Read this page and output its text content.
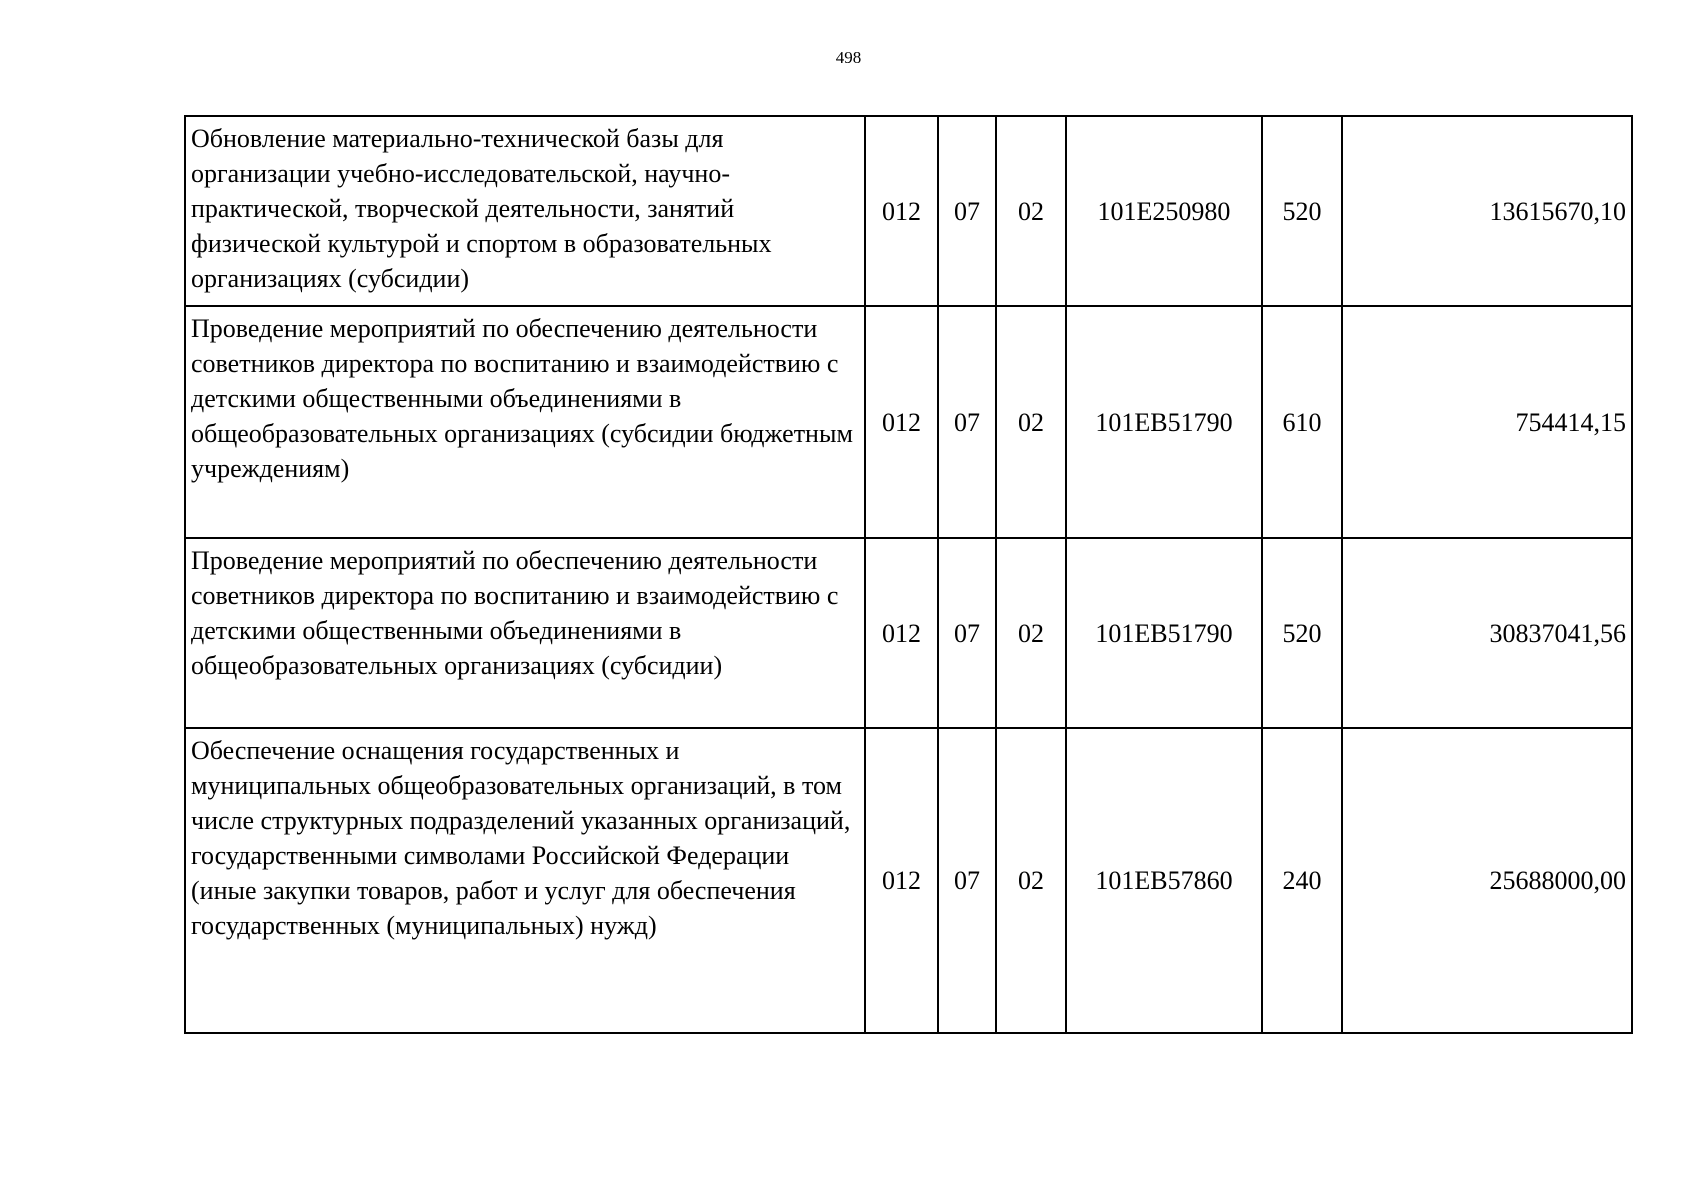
498
Обновление материально-технической базы для организации учебно-исследовательской, научно-практической, творческой деятельности, занятий физической культурой и спортом в образовательных организациях (субсидии)	012	07	02	101E250980	520	13615670,10
Проведение мероприятий по обеспечению деятельности советников директора по воспитанию и взаимодействию с детскими общественными объединениями в общеобразовательных организациях (субсидии бюджетным учреждениям)	012	07	02	101EB51790	610	754414,15
Проведение мероприятий по обеспечению деятельности советников директора по воспитанию и взаимодействию с детскими общественными объединениями в общеобразовательных организациях (субсидии)	012	07	02	101EB51790	520	30837041,56
Обеспечение оснащения государственных и муниципальных общеобразовательных организаций, в том числе структурных подразделений указанных организаций, государственными символами Российской Федерации (иные закупки товаров, работ и услуг для обеспечения государственных (муниципальных) нужд)	012	07	02	101EB57860	240	25688000,00
